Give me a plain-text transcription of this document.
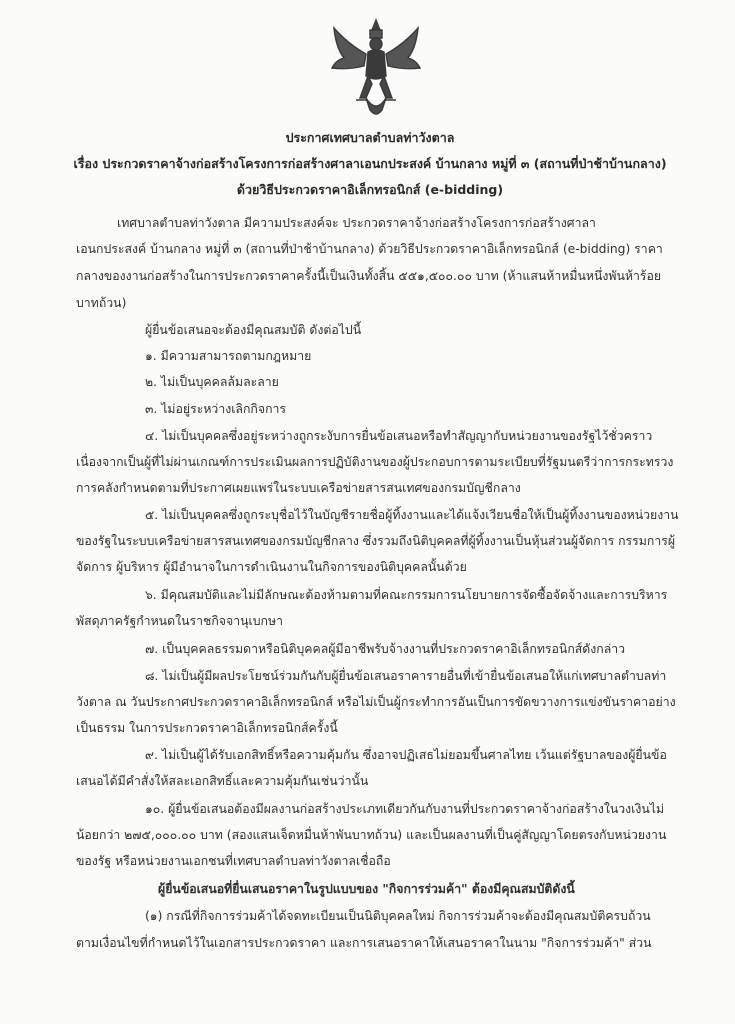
ประกาศเทศบาลตำบลท่าวังตาล
เรื่อง ประกวดราคาจ้างก่อสร้างโครงการก่อสร้างศาลาเอนกประสงค์ บ้านกลาง หมู่ที่ ๓ (สถานที่ป่าช้าบ้านกลาง)
ด้วยวิธีประกวดราคาอิเล็กทรอนิกส์ (e-bidding)
เทศบาลตำบลท่าวังตาล มีความประสงค์จะ ประกวดราคาจ้างก่อสร้างโครงการก่อสร้างศาลา
เอนกประสงค์ บ้านกลาง หมู่ที่ ๓ (สถานที่ป่าช้าบ้านกลาง) ด้วยวิธีประกวดราคาอิเล็กทรอนิกส์ (e-bidding) ราคา
กลางของงานก่อสร้างในการประกวดราคาครั้งนี้เป็นเงินทั้งสิ้น ๕๕๑,๕๐๐.๐๐ บาท (ห้าแสนห้าหมื่นหนึ่งพันห้าร้อย
บาทถ้วน)
ผู้ยื่นข้อเสนอจะต้องมีคุณสมบัติ ดังต่อไปนี้
๑. มีความสามารถตามกฎหมาย
๒. ไม่เป็นบุคคลล้มละลาย
๓. ไม่อยู่ระหว่างเลิกกิจการ
๔. ไม่เป็นบุคคลซึ่งอยู่ระหว่างถูกระงับการยื่นข้อเสนอหรือทำสัญญากับหน่วยงานของรัฐไว้ชั่วคราว
เนื่องจากเป็นผู้ที่ไม่ผ่านเกณฑ์การประเมินผลการปฏิบัติงานของผู้ประกอบการตามระเบียบที่รัฐมนตรีว่าการกระทรวง
การคลังกำหนดตามที่ประกาศเผยแพร่ในระบบเครือข่ายสารสนเทศของกรมบัญชีกลาง
๕. ไม่เป็นบุคคลซึ่งถูกระบุชื่อไว้ในบัญชีรายชื่อผู้ทิ้งงานและได้แจ้งเวียนชื่อให้เป็นผู้ทิ้งงานของหน่วยงาน
ของรัฐในระบบเครือข่ายสารสนเทศของกรมบัญชีกลาง ซึ่งรวมถึงนิติบุคคลที่ผู้ทิ้งงานเป็นหุ้นส่วนผู้จัดการ กรรมการผู้
จัดการ ผู้บริหาร ผู้มีอำนาจในการดำเนินงานในกิจการของนิติบุคคลนั้นด้วย
๖. มีคุณสมบัติและไม่มีลักษณะต้องห้ามตามที่คณะกรรมการนโยบายการจัดซื้อจัดจ้างและการบริหาร
พัสดุภาครัฐกำหนดในราชกิจจานุเบกษา
๗. เป็นบุคคลธรรมดาหรือนิติบุคคลผู้มีอาชีพรับจ้างงานที่ประกวดราคาอิเล็กทรอนิกส์ดังกล่าว
๘. ไม่เป็นผู้มีผลประโยชน์ร่วมกันกับผู้ยื่นข้อเสนอราคารายอื่นที่เข้ายื่นข้อเสนอให้แก่เทศบาลตำบลท่า
วังตาล ณ วันประกาศประกวดราคาอิเล็กทรอนิกส์ หรือไม่เป็นผู้กระทำการอันเป็นการขัดขวางการแข่งขันราคาอย่าง
เป็นธรรม ในการประกวดราคาอิเล็กทรอนิกส์ครั้งนี้
๙. ไม่เป็นผู้ได้รับเอกสิทธิ์หรือความคุ้มกัน ซึ่งอาจปฏิเสธไม่ยอมขึ้นศาลไทย เว้นแต่รัฐบาลของผู้ยื่นข้อ
เสนอได้มีคำสั่งให้สละเอกสิทธิ์และความคุ้มกันเช่นว่านั้น
๑๐. ผู้ยื่นข้อเสนอต้องมีผลงานก่อสร้างประเภทเดียวกันกับงานที่ประกวดราคาจ้างก่อสร้างในวงเงินไม่
น้อยกว่า ๒๗๕,๐๐๐.๐๐ บาท (สองแสนเจ็ดหมื่นห้าพันบาทถ้วน) และเป็นผลงานที่เป็นคู่สัญญาโดยตรงกับหน่วยงาน
ของรัฐ หรือหน่วยงานเอกชนที่เทศบาลตำบลท่าวังตาลเชื่อถือ
ผู้ยื่นข้อเสนอที่ยื่นเสนอราคาในรูปแบบของ "กิจการร่วมค้า" ต้องมีคุณสมบัติดังนี้
(๑) กรณีที่กิจการร่วมค้าได้จดทะเบียนเป็นนิติบุคคลใหม่ กิจการร่วมค้าจะต้องมีคุณสมบัติครบถ้วน
ตามเงื่อนไขที่กำหนดไว้ในเอกสารประกวดราคา และการเสนอราคาให้เสนอราคาในนาม "กิจการร่วมค้า" ส่วน
